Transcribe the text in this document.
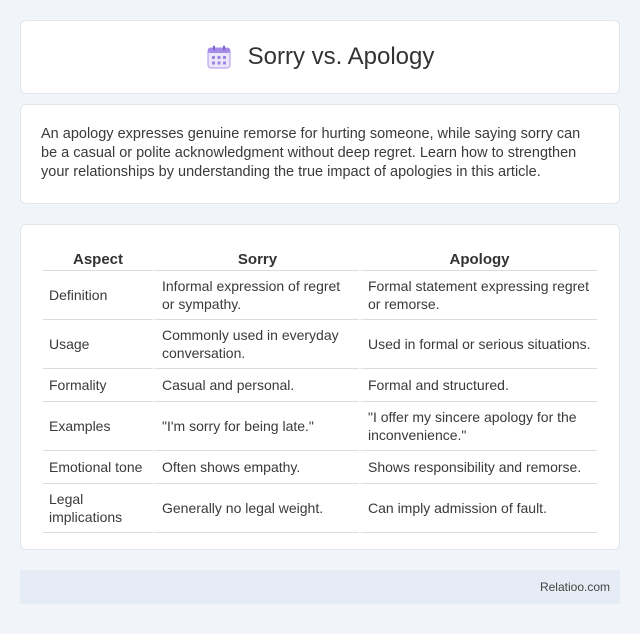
Sorry vs. Apology

An apology expresses genuine remorse for hurting someone, while saying sorry can be a casual or polite acknowledgment without deep regret. Learn how to strengthen your relationships by understanding the true impact of apologies in this article.

Aspect	Sorry	Apology
Definition	Informal expression of regret or sympathy.	Formal statement expressing regret or remorse.
Usage	Commonly used in everyday conversation.	Used in formal or serious situations.
Formality	Casual and personal.	Formal and structured.
Examples	"I'm sorry for being late."	"I offer my sincere apology for the inconvenience."
Emotional tone	Often shows empathy.	Shows responsibility and remorse.
Legal implications	Generally no legal weight.	Can imply admission of fault.
Relatioo.com
